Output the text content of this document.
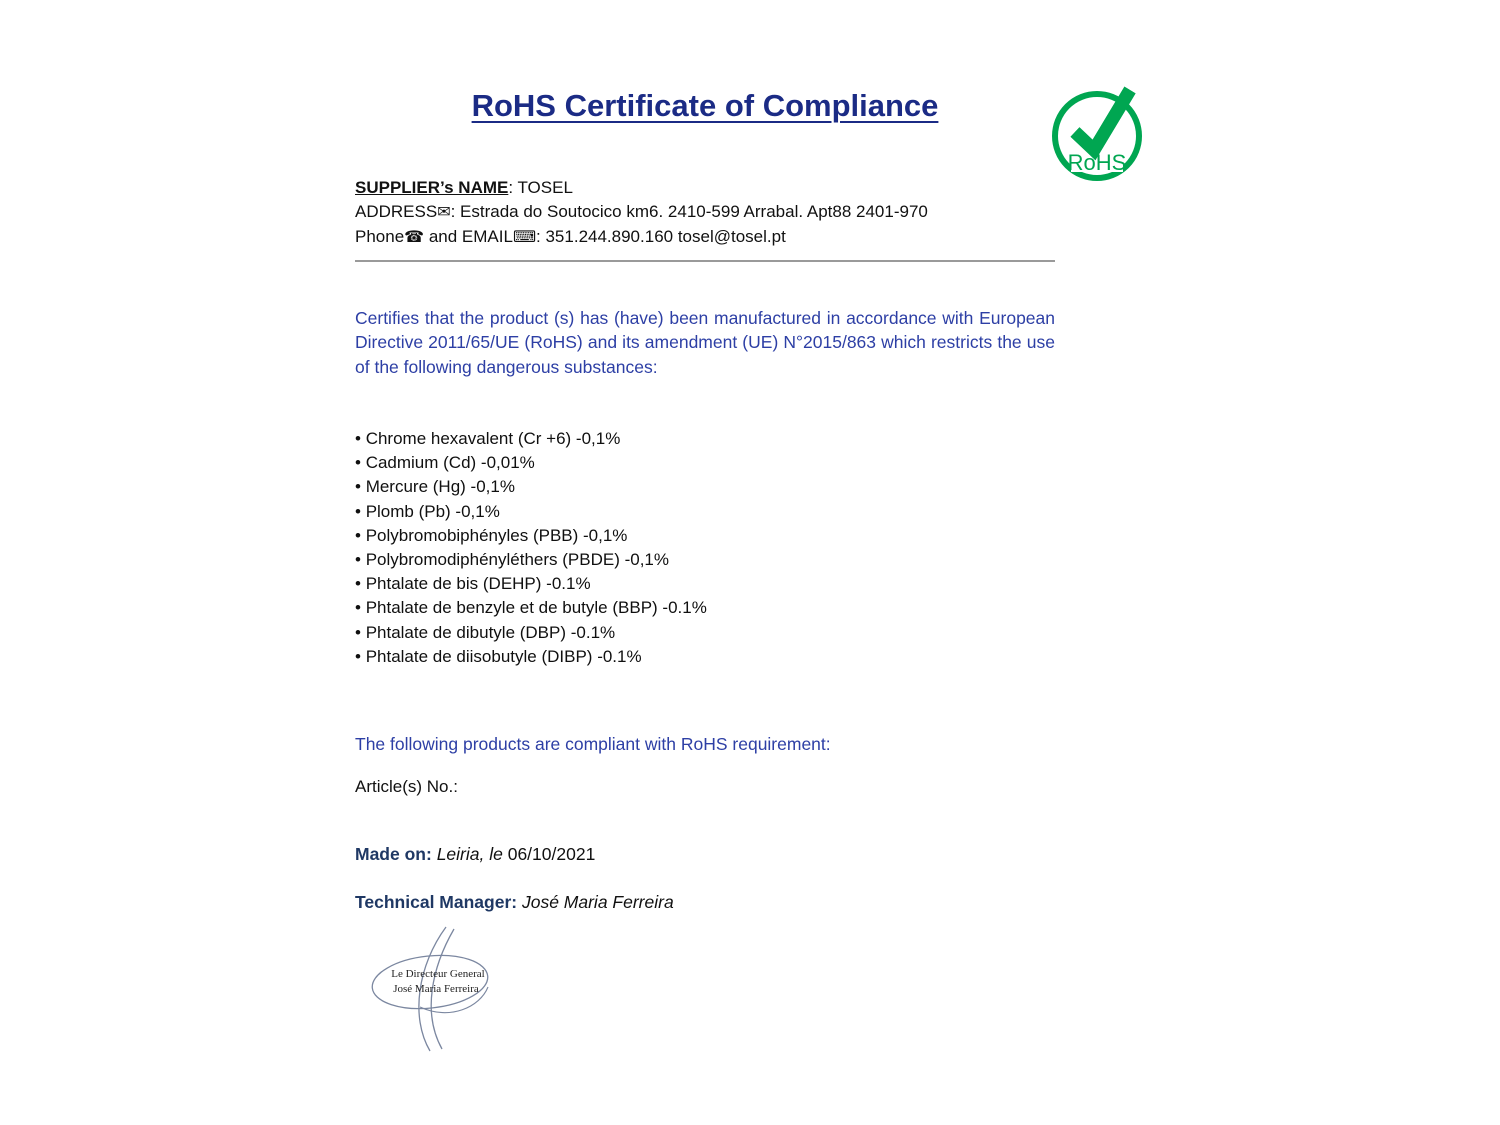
RoHS Certificate of Compliance
RoHS

SUPPLIER’s NAME: TOSEL

ADDRESS✉: Estrada do Soutocico km6. 2410-599 Arrabal. Apt88 2401-970

Phone☎ and EMAIL⌨: 351.244.890.160 tosel@tosel.pt

Certifies that the product (s) has (have) been manufactured in accordance with European Directive 2011/65/UE (RoHS) and its amendment (UE) N°2015/863 which restricts the use of the following dangerous substances:

• Chrome hexavalent (Cr +6) -0,1%
• Cadmium (Cd) -0,01%
• Mercure (Hg) -0,1%
• Plomb (Pb) -0,1%
• Polybromobiphényles (PBB) -0,1%
• Polybromodiphényléthers (PBDE) -0,1%
• Phtalate de bis (DEHP) -0.1%
• Phtalate de benzyle et de butyle (BBP) -0.1%
• Phtalate de dibutyle (DBP) -0.1%
• Phtalate de diisobutyle (DIBP) -0.1%

The following products are compliant with RoHS requirement:

Article(s) No.:

Made on: Leiria, le 06/10/2021

Technical Manager: José Maria Ferreira

Le Directeur General
José Maria Ferreira
